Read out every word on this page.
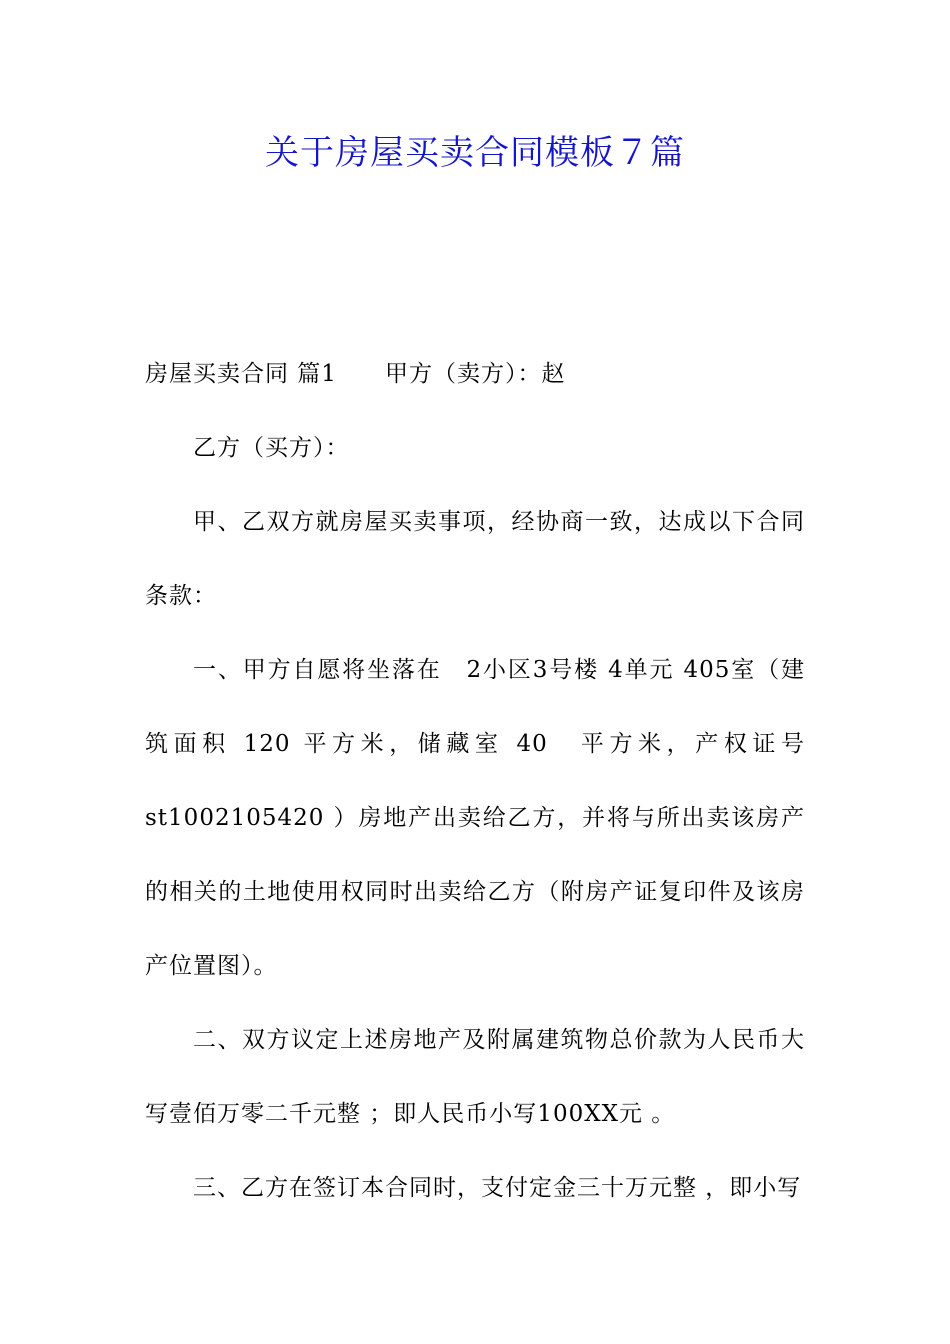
关于房屋买卖合同模板７篇

房屋买卖合同 篇1 甲方（卖方）：赵

乙方（买方）：

甲、乙双方就房屋买卖事项，经协商一致，达成以下合同条款：

一、甲方自愿将坐落在　2小区3号楼 4单元 405室（建筑面积 120 平方米，储藏室 40　平方米，产权证号st1002105420 ）房地产出卖给乙方，并将与所出卖该房产的相关的土地使用权同时出卖给乙方（附房产证复印件及该房产位置图）。

二、双方议定上述房地产及附属建筑物总价款为人民币大写壹佰万零二千元整 ；即人民币小写100XX元 。

三、乙方在签订本合同时，支付定金三十万元整 ，即小写
